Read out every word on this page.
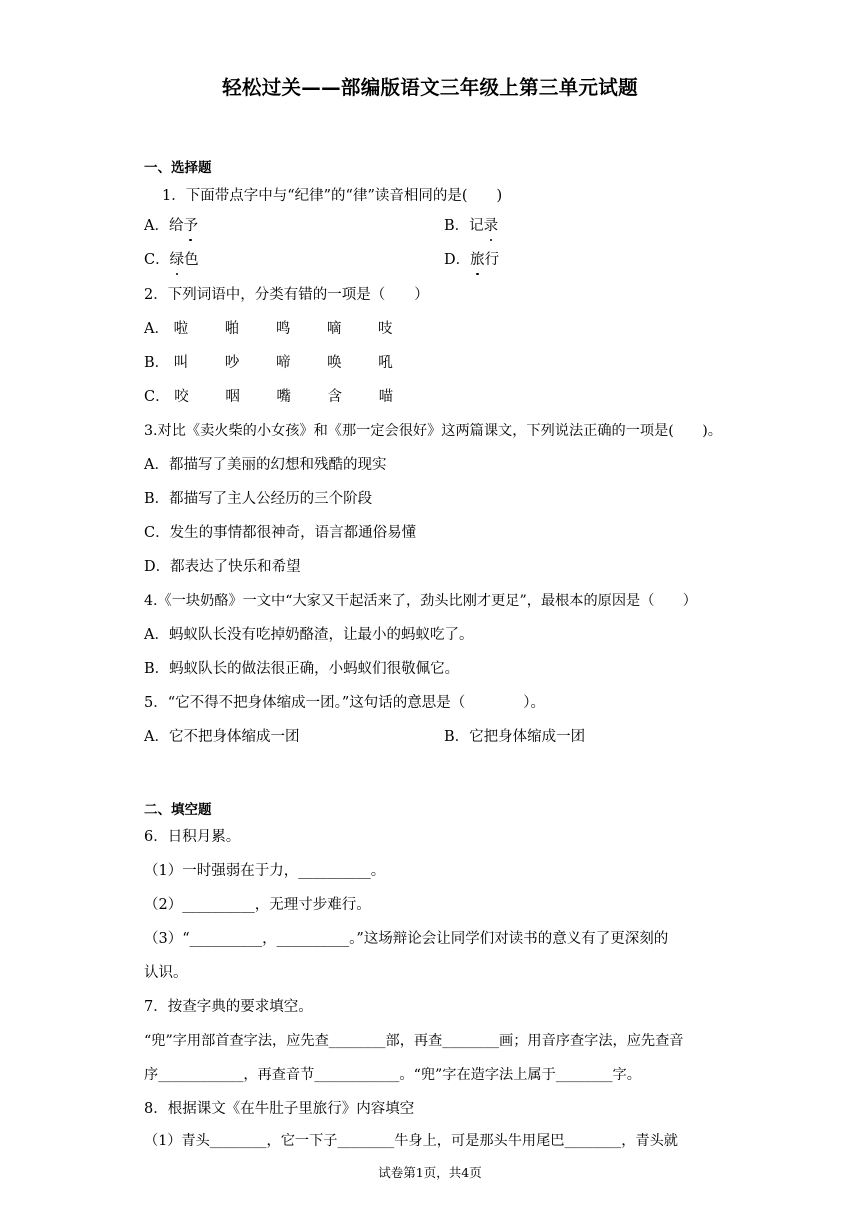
轻松过关——部编版语文三年级上第三单元试题
一、选择题
1．下面带点字中与“纪律”的“律”读音相同的是(　　)
A．给予	B．记录
C．绿色	D．旅行
2．下列词语中，分类有错的一项是（　　）
A． 啦	啪	鸣	嘀	吱
B． 叫	吵	啼	唤	吼
C． 咬	咽	嘴	含	喵
3.对比《卖火柴的小女孩》和《那一定会很好》这两篇课文，下列说法正确的一项是(　　)。
A．都描写了美丽的幻想和残酷的现实
B．都描写了主人公经历的三个阶段
C．发生的事情都很神奇，语言都通俗易懂
D．都表达了快乐和希望
4.《一块奶酪》一文中“大家又干起活来了，劲头比刚才更足”，最根本的原因是（　　）
A．蚂蚁队长没有吃掉奶酪渣，让最小的蚂蚁吃了。
B．蚂蚁队长的做法很正确，小蚂蚁们很敬佩它。
5．“它不得不把身体缩成一团。”这句话的意思是（　　　　）。
A．它不把身体缩成一团	B．它把身体缩成一团
二、填空题
6．日积月累。
（1）一时强弱在于力，__________。
（2）__________，无理寸步难行。
（3）“__________，__________。”这场辩论会让同学们对读书的意义有了更深刻的
认识。
7．按查字典的要求填空。
“兜”字用部首查字法，应先查________部，再查________画；用音序查字法，应先查音
序____________，再查音节____________。“兜”字在造字法上属于________字。
8．根据课文《在牛肚子里旅行》内容填空
（1）青头________，它一下子________牛身上，可是那头牛用尾巴________，青头就
试卷第1页，共4页
